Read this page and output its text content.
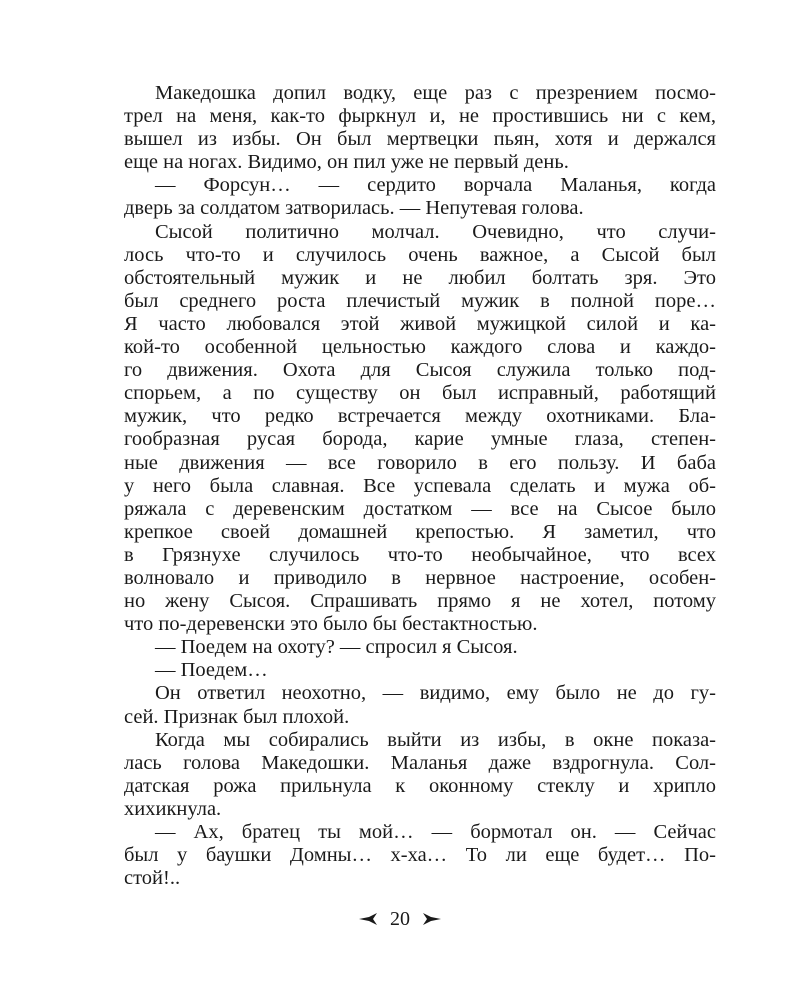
Македошка допил водку, еще раз с презрением посмо-
трел на меня, как-то фыркнул и, не простившись ни с кем,
вышел из избы. Он был мертвецки пьян, хотя и держался
еще на ногах. Видимо, он пил уже не первый день.
— Форсун… — сердито ворчала Маланья, когда
дверь за солдатом затворилась. — Непутевая голова.
Сысой политично молчал. Очевидно, что случи-
лось что-то и случилось очень важное, а Сысой был
обстоятельный мужик и не любил болтать зря. Это
был среднего роста плечистый мужик в полной поре…
Я часто любовался этой живой мужицкой силой и ка-
кой-то особенной цельностью каждого слова и каждо-
го движения. Охота для Сысоя служила только под-
спорьем, а по существу он был исправный, работящий
мужик, что редко встречается между охотниками. Бла-
гообразная русая борода, карие умные глаза, степен-
ные движения — все говорило в его пользу. И баба
у него была славная. Все успевала сделать и мужа об-
ряжала с деревенским достатком — все на Сысое было
крепкое своей домашней крепостью. Я заметил, что
в Грязнухе случилось что-то необычайное, что всех
волновало и приводило в нервное настроение, особен-
но жену Сысоя. Спрашивать прямо я не хотел, потому
что по-деревенски это было бы бестактностью.
— Поедем на охоту? — спросил я Сысоя.
— Поедем…
Он ответил неохотно, — видимо, ему было не до гу-
сей. Признак был плохой.
Когда мы собирались выйти из избы, в окне показа-
лась голова Македошки. Маланья даже вздрогнула. Сол-
датская рожа прильнула к оконному стеклу и хрипло
хихикнула.
— Ах, братец ты мой… — бормотал он. — Сейчас
был у баушки Домны… х-ха… То ли еще будет… По-
стой!..
20
